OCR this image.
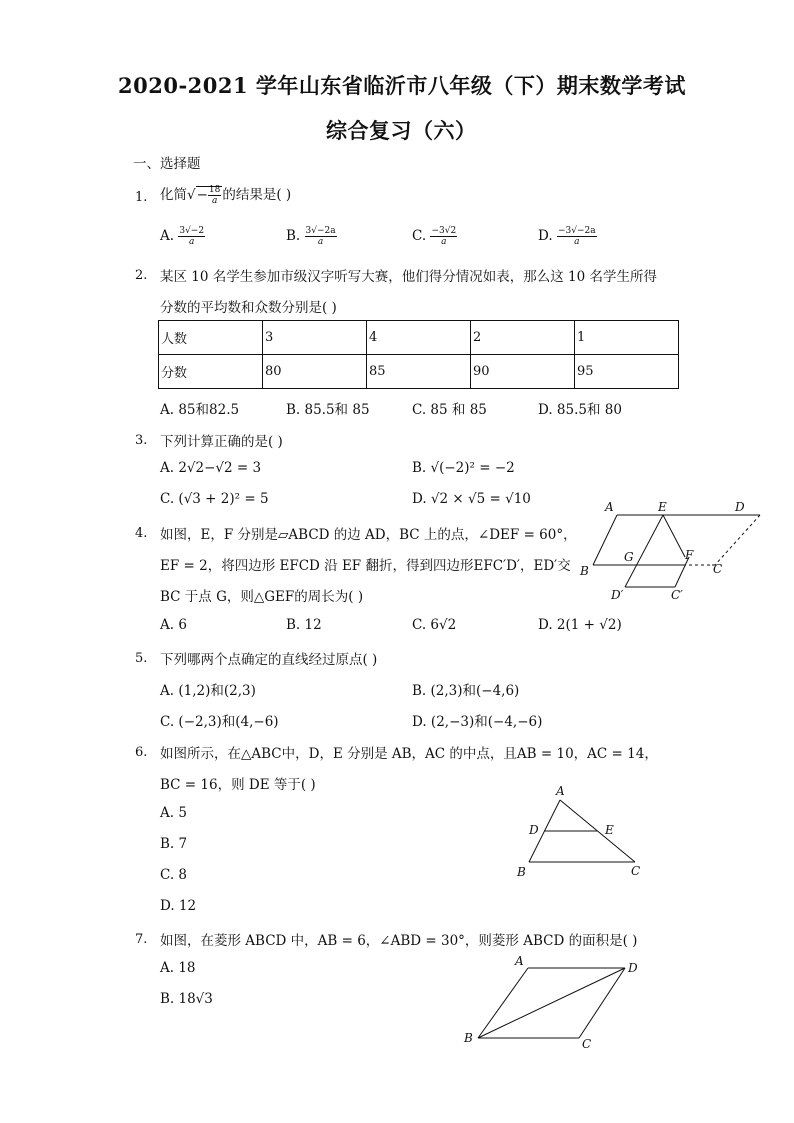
2020-2021 学年山东省临沂市八年级（下）期末数学考试
综合复习（六）
一、选择题
1. 化简√− $\frac{18}{a}$ 的结果是( )
A. $\frac{3√-2}{a}$	B. $\frac{3√-2a}{a}$	C. $\frac{-3√2}{a}$	D. $\frac{-3√-2a}{a}$
2. 某区 10 名学生参加市级汉字听写大赛，他们得分情况如表，那么这 10 名学生所得
分数的平均数和众数分别是( )
人数	3	4	2	1
分数	80	85	90	95
A. 85和82.5	B. 85.5和 85	C. 85 和 85	D. 85.5和 80
3. 下列计算正确的是( )
A. 2√2−√2 = 3	B. √(−2)² = −2
C. (√3 + 2)² = 5	D. √2 × √5 = √10
4. 如图，E，F 分别是▱ABCD 的边 AD，BC 上的点，∠DEF = 60°，
EF = 2，将四边形 EFCD 沿 EF 翻折，得到四边形EFC′D′，ED′交
BC 于点 G，则△GEF的周长为( )
A. 6	B. 12	C. 6√2	D. 2(1 + √2)
A	E	D
G	F
B	C
D′	C′
5. 下列哪两个点确定的直线经过原点( )
A. (1,2)和(2,3)	B. (2,3)和(−4,6)
C. (−2,3)和(4,−6)	D. (2,−3)和(−4,−6)
6. 如图所示，在△ABC中，D，E 分别是 AB，AC 的中点，且AB = 10，AC = 14，
BC = 16，则 DE 等于( )
A. 5
B. 7
C. 8
D. 12
A
D	E
B	C
7. 如图，在菱形 ABCD 中，AB = 6，∠ABD = 30°，则菱形 ABCD 的面积是( )
A. 18
B. 18√3
A	D
B	C
